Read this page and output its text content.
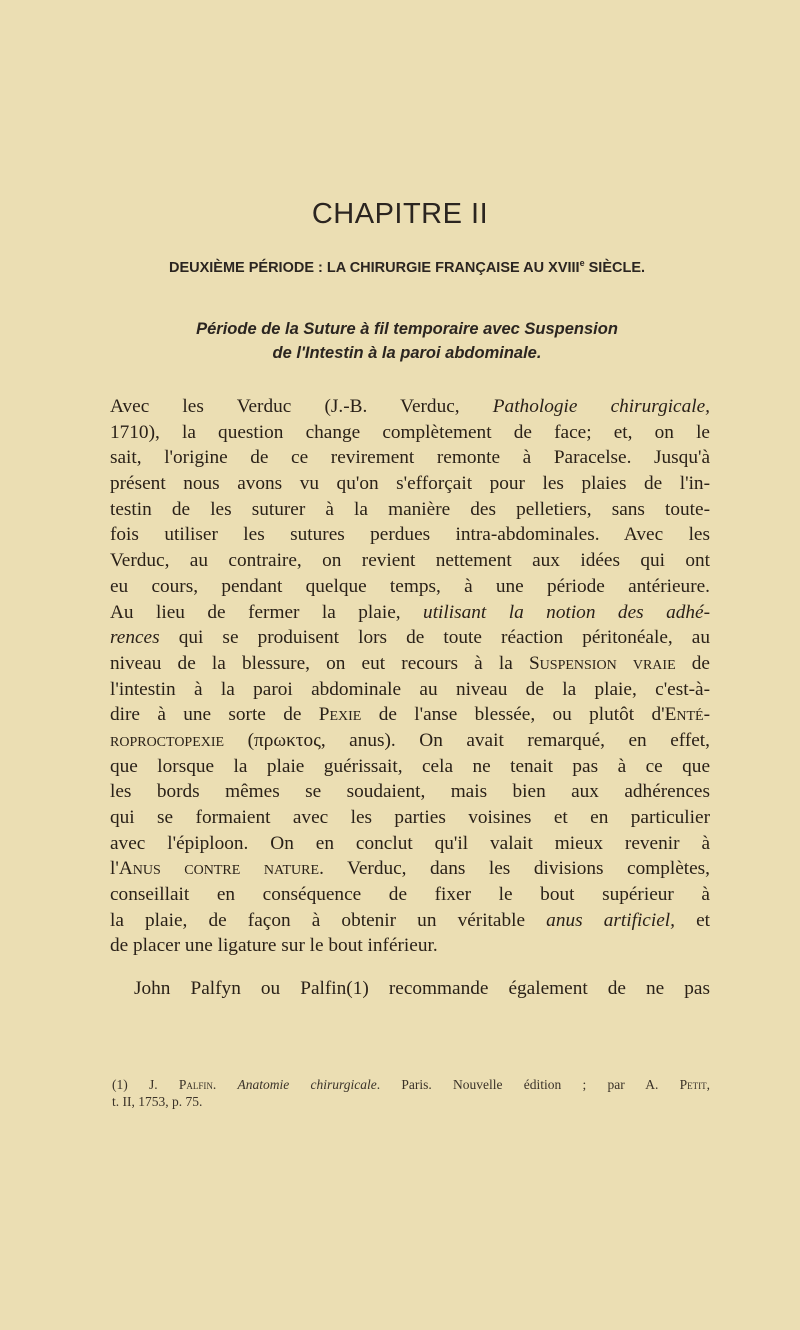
CHAPITRE II
DEUXIÈME PÉRIODE : LA CHIRURGIE FRANÇAISE AU XVIIIe SIÈCLE.
Période de la Suture à fil temporaire avec Suspension
de l'Intestin à la paroi abdominale.
Avec les Verduc (J.-B. Verduc, Pathologie chirurgicale,
1710), la question change complètement de face; et, on le
sait, l'origine de ce revirement remonte à Paracelse. Jusqu'à
présent nous avons vu qu'on s'efforçait pour les plaies de l'in-
testin de les suturer à la manière des pelletiers, sans toute-
fois utiliser les sutures perdues intra-abdominales. Avec les
Verduc, au contraire, on revient nettement aux idées qui ont
eu cours, pendant quelque temps, à une période antérieure.
Au lieu de fermer la plaie, utilisant la notion des adhé-
rences qui se produisent lors de toute réaction péritonéale, au
niveau de la blessure, on eut recours à la Suspension vraie de
l'intestin à la paroi abdominale au niveau de la plaie, c'est-à-
dire à une sorte de Pexie de l'anse blessée, ou plutôt d'Enté-
roproctopexie (πρωκτος, anus). On avait remarqué, en effet,
que lorsque la plaie guérissait, cela ne tenait pas à ce que
les bords mêmes se soudaient, mais bien aux adhérences
qui se formaient avec les parties voisines et en particulier
avec l'épiploon. On en conclut qu'il valait mieux revenir à
l'Anus contre nature. Verduc, dans les divisions complètes,
conseillait en conséquence de fixer le bout supérieur à
la plaie, de façon à obtenir un véritable anus artificiel, et
de placer une ligature sur le bout inférieur.
John Palfyn ou Palfin(1) recommande également de ne pas
(1) J. Palfin. Anatomie chirurgicale. Paris. Nouvelle édition ; par A. Petit,
t. II, 1753, p. 75.
